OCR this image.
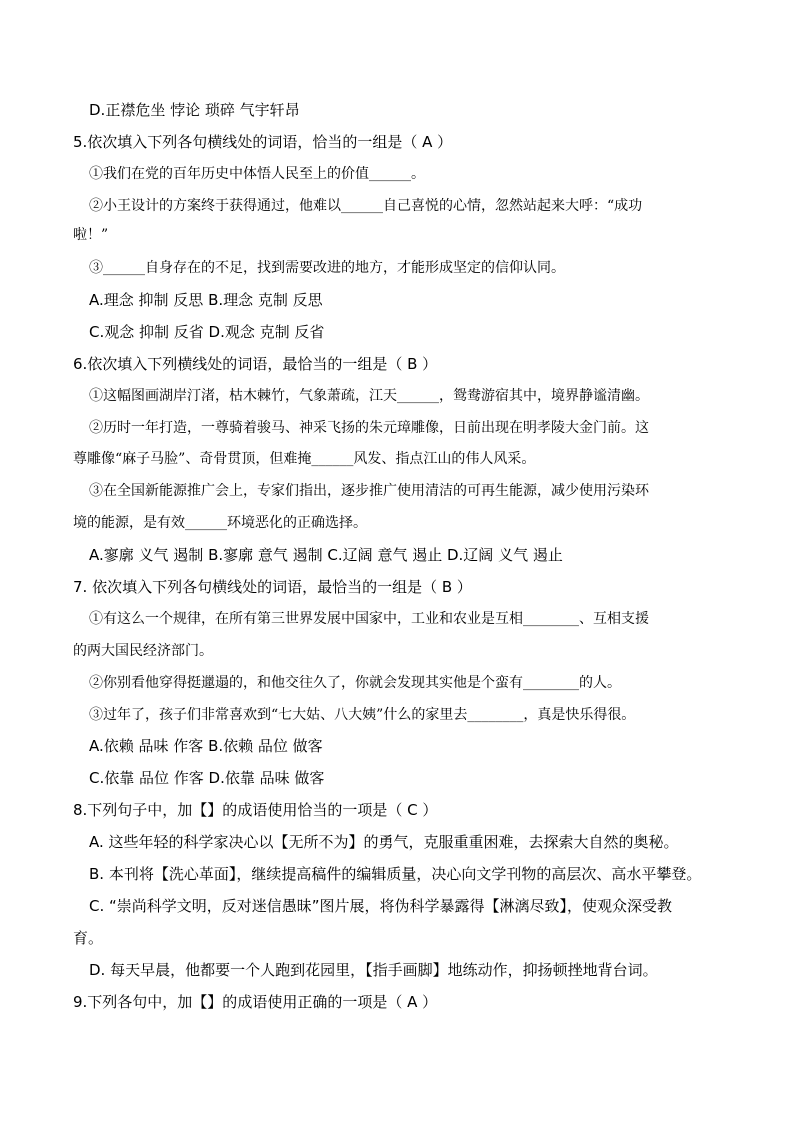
D.正襟危坐 悖论 琐碎 气宇轩昂
5.依次填入下列各句横线处的词语，恰当的一组是（ A ）
①我们在党的百年历史中体悟人民至上的价值______。
②小王设计的方案终于获得通过，他难以______自己喜悦的心情，忽然站起来大呼：“成功
啦！”
③______自身存在的不足，找到需要改进的地方，才能形成坚定的信仰认同。
A.理念 抑制 反思 B.理念 克制 反思
C.观念 抑制 反省 D.观念 克制 反省
6.依次填入下列横线处的词语，最恰当的一组是（ B ）
①这幅图画湖岸汀渚，枯木棘竹，气象萧疏，江天______，鸳鸯游宿其中，境界静谧清幽。
②历时一年打造，一尊骑着骏马、神采飞扬的朱元璋雕像，日前出现在明孝陵大金门前。这
尊雕像“麻子马脸”、奇骨贯顶，但难掩______风发、指点江山的伟人风采。
③在全国新能源推广会上，专家们指出，逐步推广使用清洁的可再生能源，减少使用污染环
境的能源，是有效______环境恶化的正确选择。
A.寥廓 义气 遏制 B.寥廓 意气 遏制 C.辽阔 意气 遏止 D.辽阔 义气 遏止
7. 依次填入下列各句横线处的词语，最恰当的一组是（ B ）
①有这么一个规律，在所有第三世界发展中国家中，工业和农业是互相________、互相支援
的两大国民经济部门。
②你别看他穿得挺邋遢的，和他交往久了，你就会发现其实他是个蛮有________的人。
③过年了，孩子们非常喜欢到“七大姑、八大姨”什么的家里去________，真是快乐得很。
A.依赖 品味 作客 B.依赖 品位 做客
C.依靠 品位 作客 D.依靠 品味 做客
8.下列句子中，加【】的成语使用恰当的一项是（ C ）
A. 这些年轻的科学家决心以【无所不为】的勇气，克服重重困难，去探索大自然的奥秘。
B. 本刊将【洗心革面】，继续提高稿件的编辑质量，决心向文学刊物的高层次、高水平攀登。
C. “崇尚科学文明，反对迷信愚昧”图片展，将伪科学暴露得【淋漓尽致】，使观众深受教
育。
D. 每天早晨，他都要一个人跑到花园里，【指手画脚】地练动作，抑扬顿挫地背台词。
9.下列各句中，加【】的成语使用正确的一项是（ A ）
